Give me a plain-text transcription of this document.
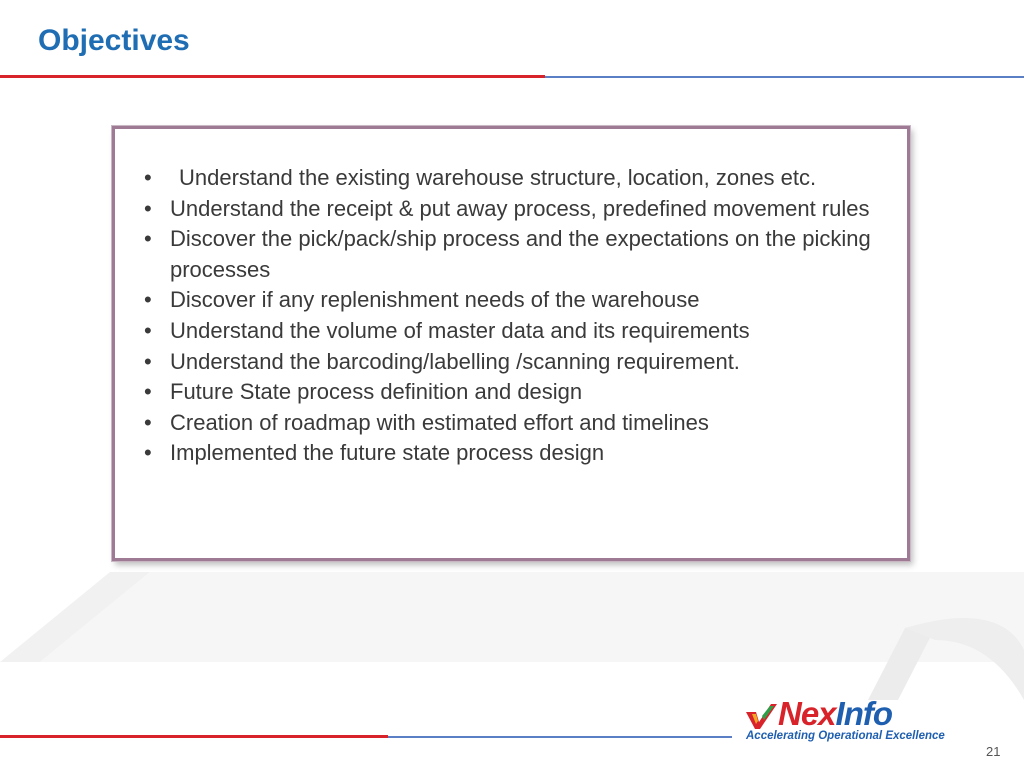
Objectives
• Understand the existing warehouse structure, location, zones etc.
• Understand the receipt & put away process, predefined movement rules
• Discover the pick/pack/ship process and the expectations on the picking processes
• Discover if any replenishment needs of the warehouse
• Understand the volume of master data and its requirements
• Understand the barcoding/labelling /scanning requirement.
• Future State process definition and design
• Creation of roadmap with estimated effort and timelines
• Implemented the future state process design
NexInfo
Accelerating Operational Excellence
21
